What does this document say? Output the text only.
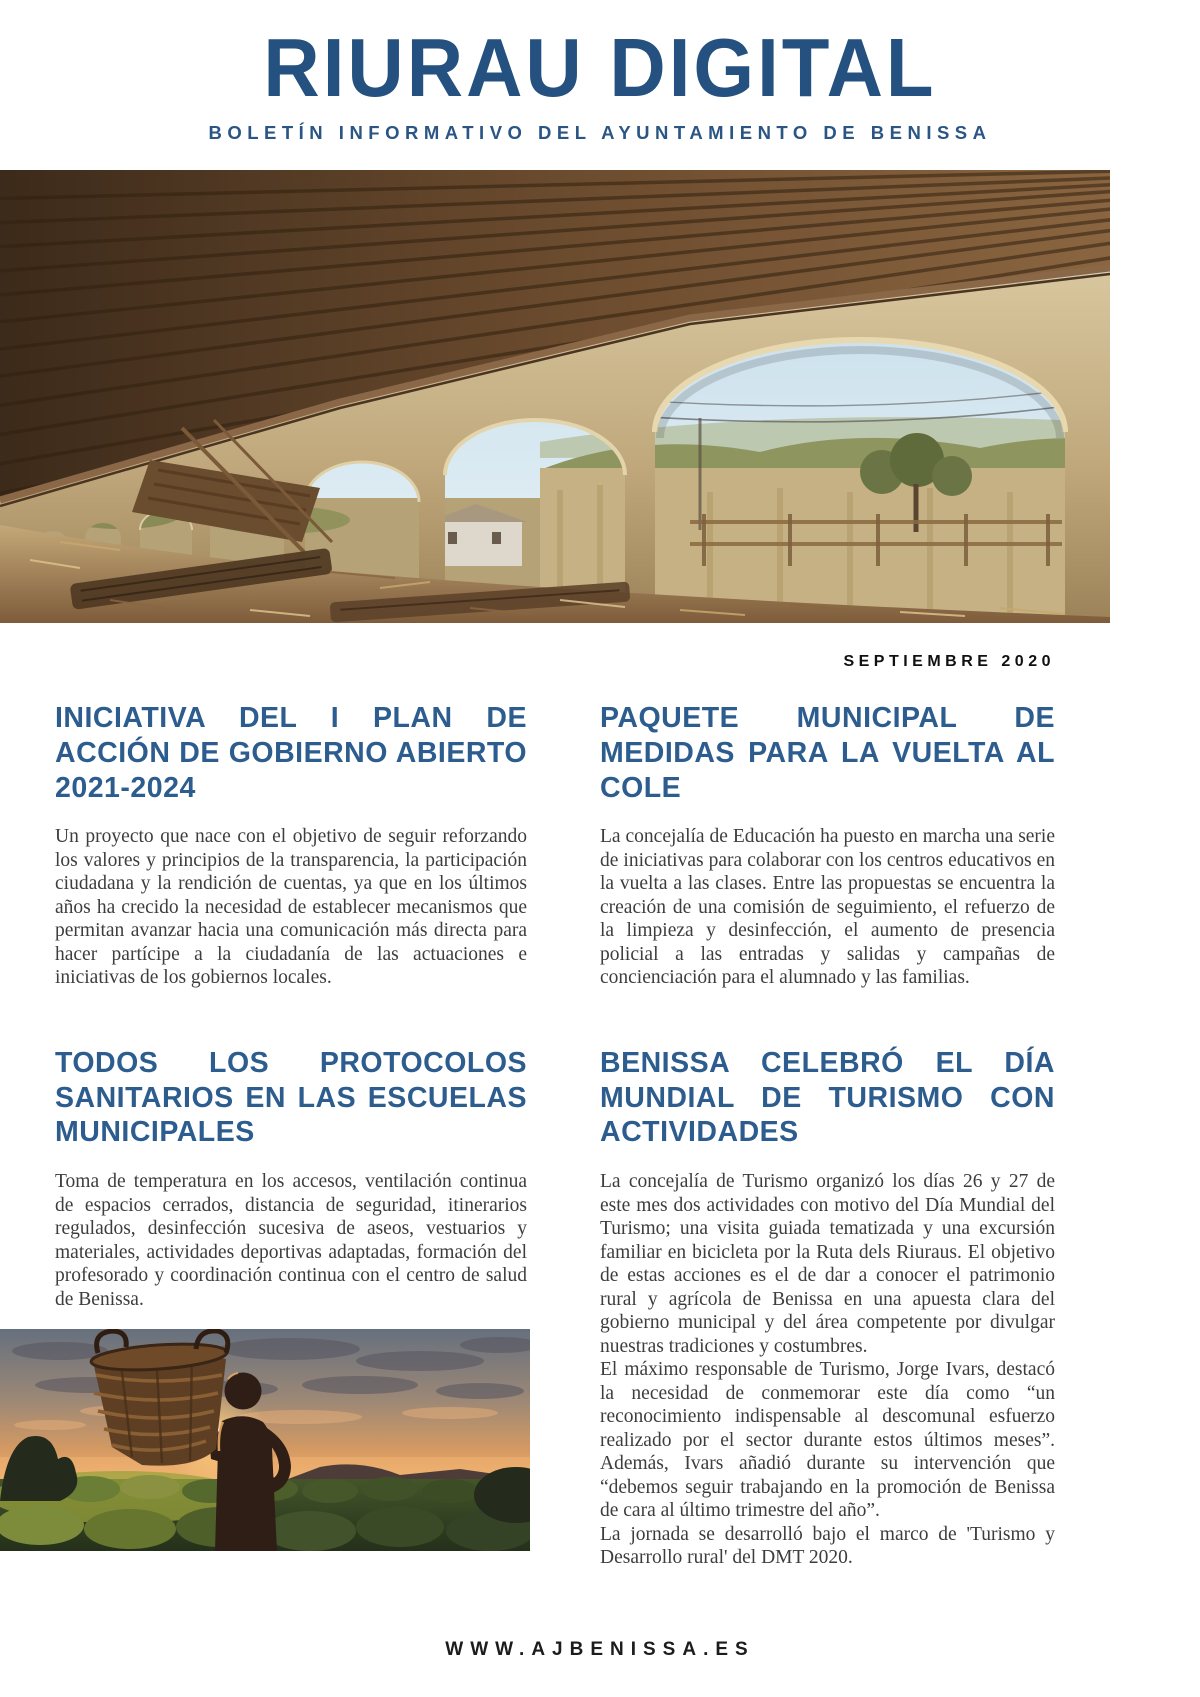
RIURAU DIGITAL
BOLETÍN INFORMATIVO DEL AYUNTAMIENTO DE BENISSA
SEPTIEMBRE 2020
INICIATIVA DEL I PLAN DE ACCIÓN DE GOBIERNO ABIERTO 2021-2024

Un proyecto que nace con el objetivo de seguir reforzando los valores y principios de la transparencia, la participación ciudadana y la rendición de cuentas, ya que en los últimos años ha crecido la necesidad de establecer mecanismos que permitan avanzar hacia una comunicación más directa para hacer partícipe a la ciudadanía de las actuaciones e iniciativas de los gobiernos locales.

PAQUETE MUNICIPAL DE MEDIDAS PARA LA VUELTA AL COLE

La concejalía de Educación ha puesto en marcha una serie de iniciativas para colaborar con los centros educativos en la vuelta a las clases. Entre las propuestas se encuentra la creación de una comisión de seguimiento, el refuerzo de la limpieza y desinfección, el aumento de presencia policial a las entradas y salidas y campañas de concienciación para el alumnado y las familias.

TODOS LOS PROTOCOLOS SANITARIOS EN LAS ESCUELAS MUNICIPALES

Toma de temperatura en los accesos, ventilación continua de espacios cerrados, distancia de seguridad, itinerarios regulados, desinfección sucesiva de aseos, vestuarios y materiales, actividades deportivas adaptadas, formación del profesorado y coordinación continua con el centro de salud de Benissa.

BENISSA CELEBRÓ EL DÍA MUNDIAL DE TURISMO CON ACTIVIDADES

La concejalía de Turismo organizó los días 26 y 27 de este mes dos actividades con motivo del Día Mundial del Turismo; una visita guiada tematizada y una excursión familiar en bicicleta por la Ruta dels Riuraus. El objetivo de estas acciones es el de dar a conocer el patrimonio rural y agrícola de Benissa en una apuesta clara del gobierno municipal y del área competente por divulgar nuestras tradiciones y costumbres.

El máximo responsable de Turismo, Jorge Ivars, destacó la necesidad de conmemorar este día como “un reconocimiento indispensable al descomunal esfuerzo realizado por el sector durante estos últimos meses”. Además, Ivars añadió durante su intervención que “debemos seguir trabajando en la promoción de Benissa de cara al último trimestre del año”.

La jornada se desarrolló bajo el marco de 'Turismo y Desarrollo rural' del DMT 2020.

WWW.AJBENISSA.ES
